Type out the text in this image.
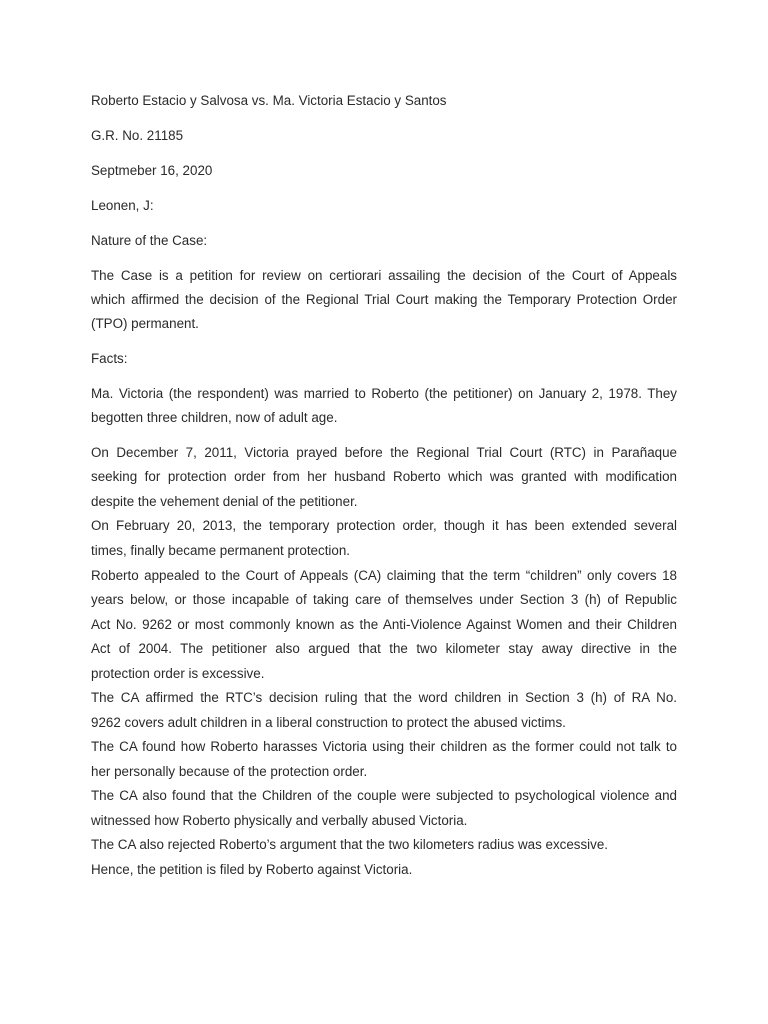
Roberto Estacio y Salvosa vs. Ma. Victoria Estacio y Santos
G.R. No. 21185
Septmeber 16, 2020
Leonen, J:
Nature of the Case:
The Case is a petition for review on certiorari assailing the decision of the Court of Appeals
which affirmed the decision of the Regional Trial Court making the Temporary Protection Order
(TPO) permanent.
Facts:
Ma. Victoria (the respondent) was married to Roberto (the petitioner) on January 2, 1978. They
begotten three children, now of adult age.
On December 7, 2011, Victoria prayed before the Regional Trial Court (RTC) in Parañaque
seeking for protection order from her husband Roberto which was granted with modification
despite the vehement denial of the petitioner.
On February 20, 2013, the temporary protection order, though it has been extended several
times, finally became permanent protection.
Roberto appealed to the Court of Appeals (CA) claiming that the term “children” only covers 18
years below, or those incapable of taking care of themselves under Section 3 (h) of Republic
Act No. 9262 or most commonly known as the Anti-Violence Against Women and their Children
Act of 2004. The petitioner also argued that the two kilometer stay away directive in the
protection order is excessive.
The CA affirmed the RTC’s decision ruling that the word children in Section 3 (h) of RA No.
9262 covers adult children in a liberal construction to protect the abused victims.
The CA found how Roberto harasses Victoria using their children as the former could not talk to
her personally because of the protection order.
The CA also found that the Children of the couple were subjected to psychological violence and
witnessed how Roberto physically and verbally abused Victoria.
The CA also rejected Roberto’s argument that the two kilometers radius was excessive.
Hence, the petition is filed by Roberto against Victoria.
